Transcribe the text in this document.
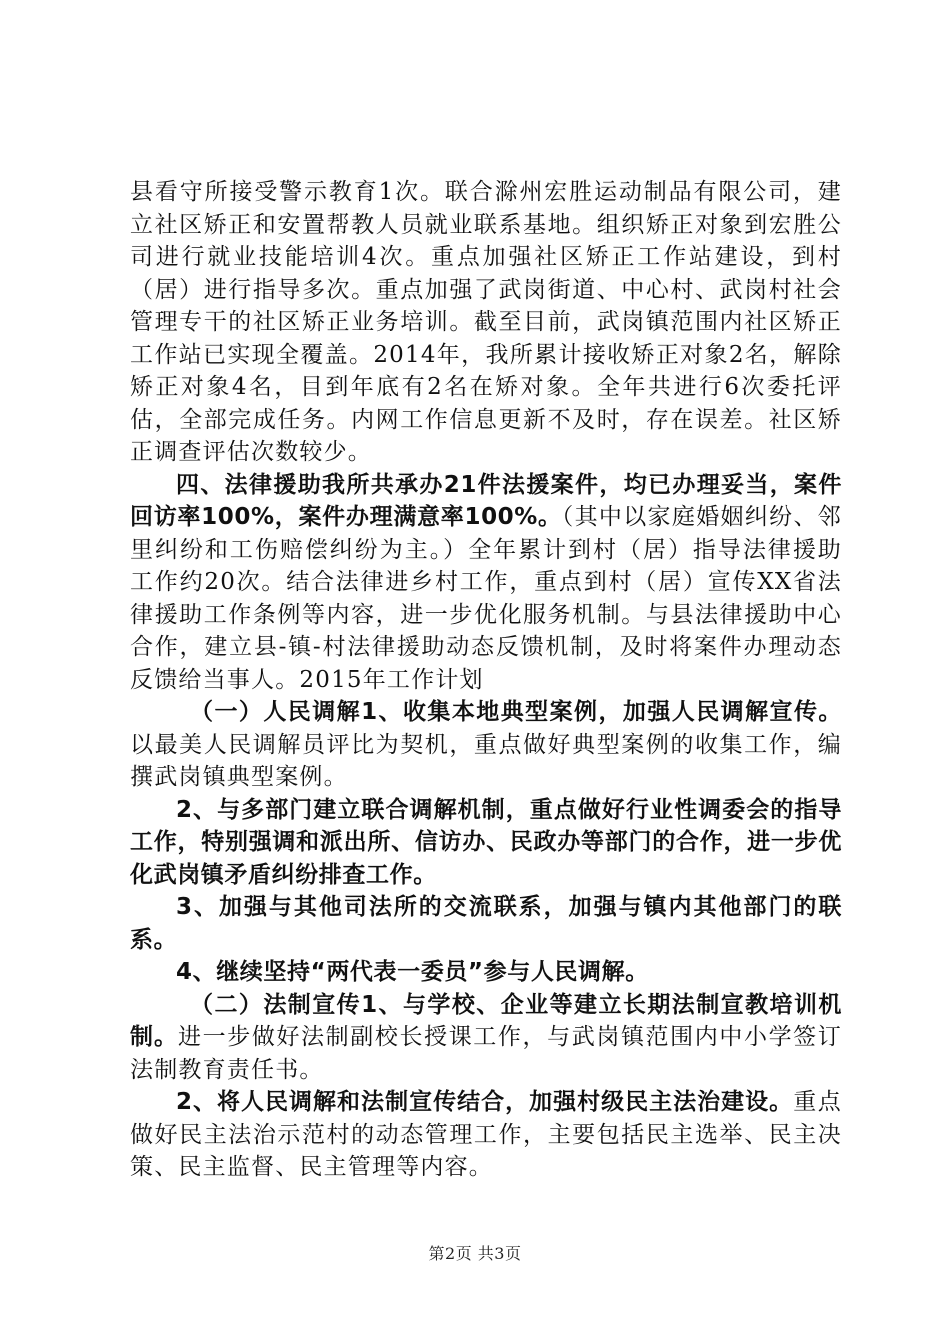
县看守所接受警示教育1次。联合滁州宏胜运动制品有限公司，建立社区矫正和安置帮教人员就业联系基地。组织矫正对象到宏胜公司进行就业技能培训4次。重点加强社区矫正工作站建设，到村（居）进行指导多次。重点加强了武岗街道、中心村、武岗村社会管理专干的社区矫正业务培训。截至目前，武岗镇范围内社区矫正工作站已实现全覆盖。2014年，我所累计接收矫正对象2名，解除矫正对象4名，目到年底有2名在矫对象。全年共进行6次委托评估，全部完成任务。内网工作信息更新不及时，存在误差。社区矫正调查评估次数较少。

四、法律援助我所共承办21件法援案件，均已办理妥当，案件回访率100%，案件办理满意率100%。（其中以家庭婚姻纠纷、邻里纠纷和工伤赔偿纠纷为主。）全年累计到村（居）指导法律援助工作约20次。结合法律进乡村工作，重点到村（居）宣传XX省法律援助工作条例等内容，进一步优化服务机制。与县法律援助中心合作，建立县-镇-村法律援助动态反馈机制，及时将案件办理动态反馈给当事人。2015年工作计划

（一）人民调解1、收集本地典型案例，加强人民调解宣传。以最美人民调解员评比为契机，重点做好典型案例的收集工作，编撰武岗镇典型案例。

2、与多部门建立联合调解机制，重点做好行业性调委会的指导工作，特别强调和派出所、信访办、民政办等部门的合作，进一步优化武岗镇矛盾纠纷排查工作。

3、加强与其他司法所的交流联系，加强与镇内其他部门的联系。

4、继续坚持“两代表一委员”参与人民调解。

（二）法制宣传1、与学校、企业等建立长期法制宣教培训机制。进一步做好法制副校长授课工作，与武岗镇范围内中小学签订法制教育责任书。

2、将人民调解和法制宣传结合，加强村级民主法治建设。重点做好民主法治示范村的动态管理工作，主要包括民主选举、民主决策、民主监督、民主管理等内容。

第2页 共3页
